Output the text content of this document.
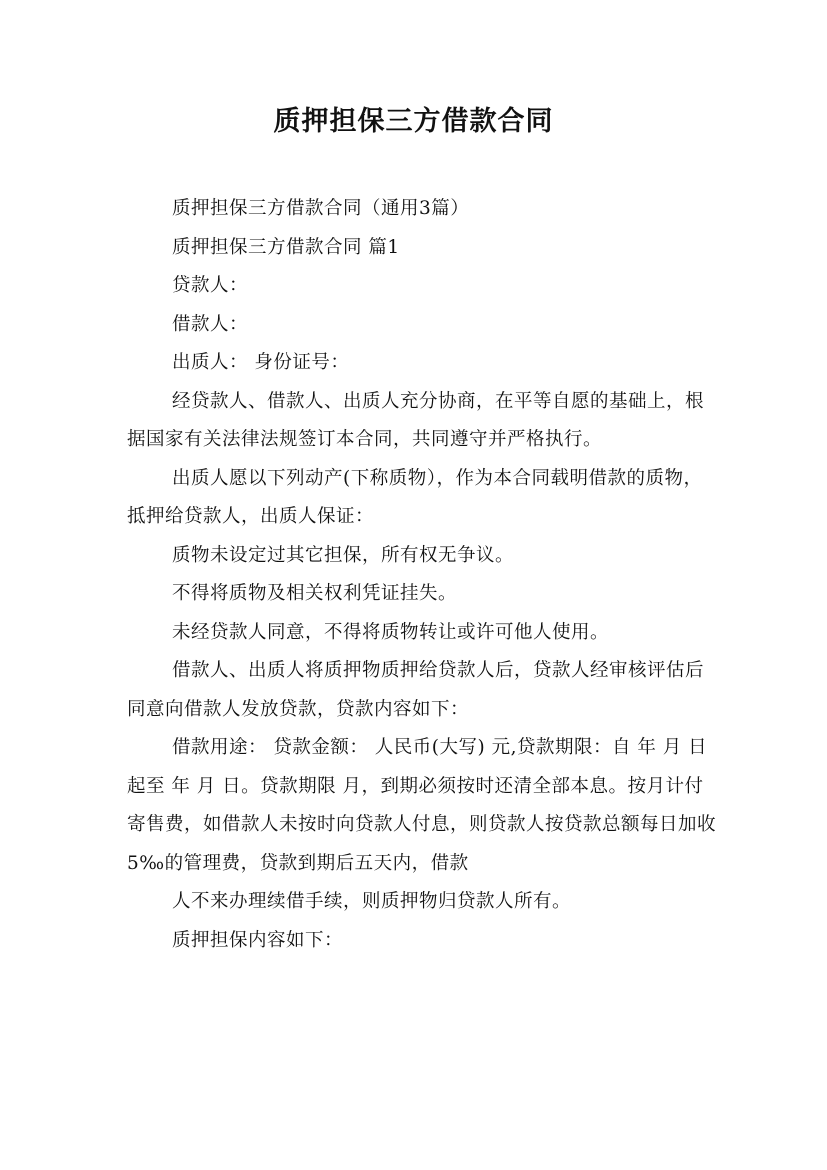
质押担保三方借款合同

质押担保三方借款合同（通用3篇）

质押担保三方借款合同 篇1

贷款人：

借款人：

出质人： 身份证号：

经贷款人、借款人、出质人充分协商，在平等自愿的基础上，根据国家有关法律法规签订本合同，共同遵守并严格执行。

出质人愿以下列动产(下称质物），作为本合同载明借款的质物，抵押给贷款人，出质人保证：

质物未设定过其它担保，所有权无争议。

不得将质物及相关权利凭证挂失。

未经贷款人同意，不得将质物转让或许可他人使用。

借款人、出质人将质押物质押给贷款人后，贷款人经审核评估后同意向借款人发放贷款，贷款内容如下：

借款用途： 贷款金额： 人民币(大写) 元,贷款期限：自 年 月 日起至 年 月 日。贷款期限 月，到期必须按时还清全部本息。按月计付寄售费，如借款人未按时向贷款人付息，则贷款人按贷款总额每日加收5‰的管理费，贷款到期后五天内，借款

人不来办理续借手续，则质押物归贷款人所有。

质押担保内容如下：
